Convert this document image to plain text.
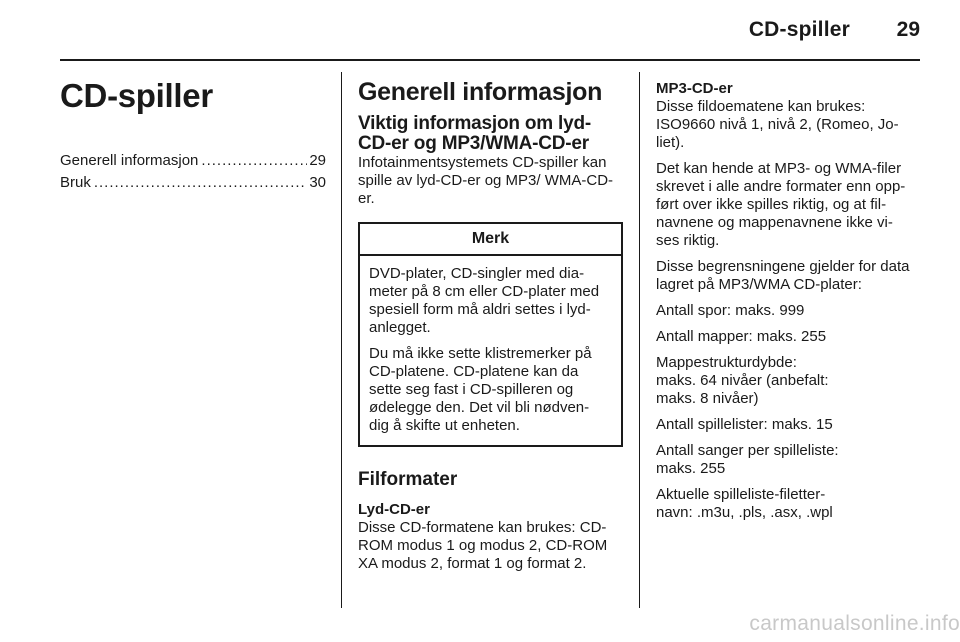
CD-spiller	29
CD-spiller
Generell informasjon .....	29
Bruk .....	30
Generell informasjon
Viktig informasjon om lyd-CD-er og MP3/WMA-CD-er

Infotainmentsystemets CD-spiller kan spille av lyd-CD-er og MP3/ WMA-CD-er.

Merk

DVD-plater, CD-singler med dia- meter på 8 cm eller CD-plater med spesiell form må aldri settes i lyd- anlegget.

Du må ikke sette klistremerker på CD-platene. CD-platene kan da sette seg fast i CD-spilleren og ødelegge den. Det vil bli nødven- dig å skifte ut enheten.

Filformater
Lyd-CD-er

Disse CD-formatene kan brukes: CD- ROM modus 1 og modus 2, CD-ROM XA modus 2, format 1 og format 2.

MP3-CD-er

Disse fildoematene kan brukes: ISO9660 nivå 1, nivå 2, (Romeo, Jo- liet).

Det kan hende at MP3- og WMA-filer skrevet i alle andre formater enn opp- ført over ikke spilles riktig, og at fil- navnene og mappenavnene ikke vi- ses riktig.

Disse begrensningene gjelder for data lagret på MP3/WMA CD-plater:

Antall spor: maks. 999

Antall mapper: maks. 255

Mappestrukturdybde:

maks. 64 nivåer (anbefalt:

maks. 8 nivåer)

Antall spillelister: maks. 15

Antall sanger per spilleliste:

maks. 255

Aktuelle spilleliste-filetter-

navn: .m3u, .pls, .asx, .wpl

carmanualsonline.info
